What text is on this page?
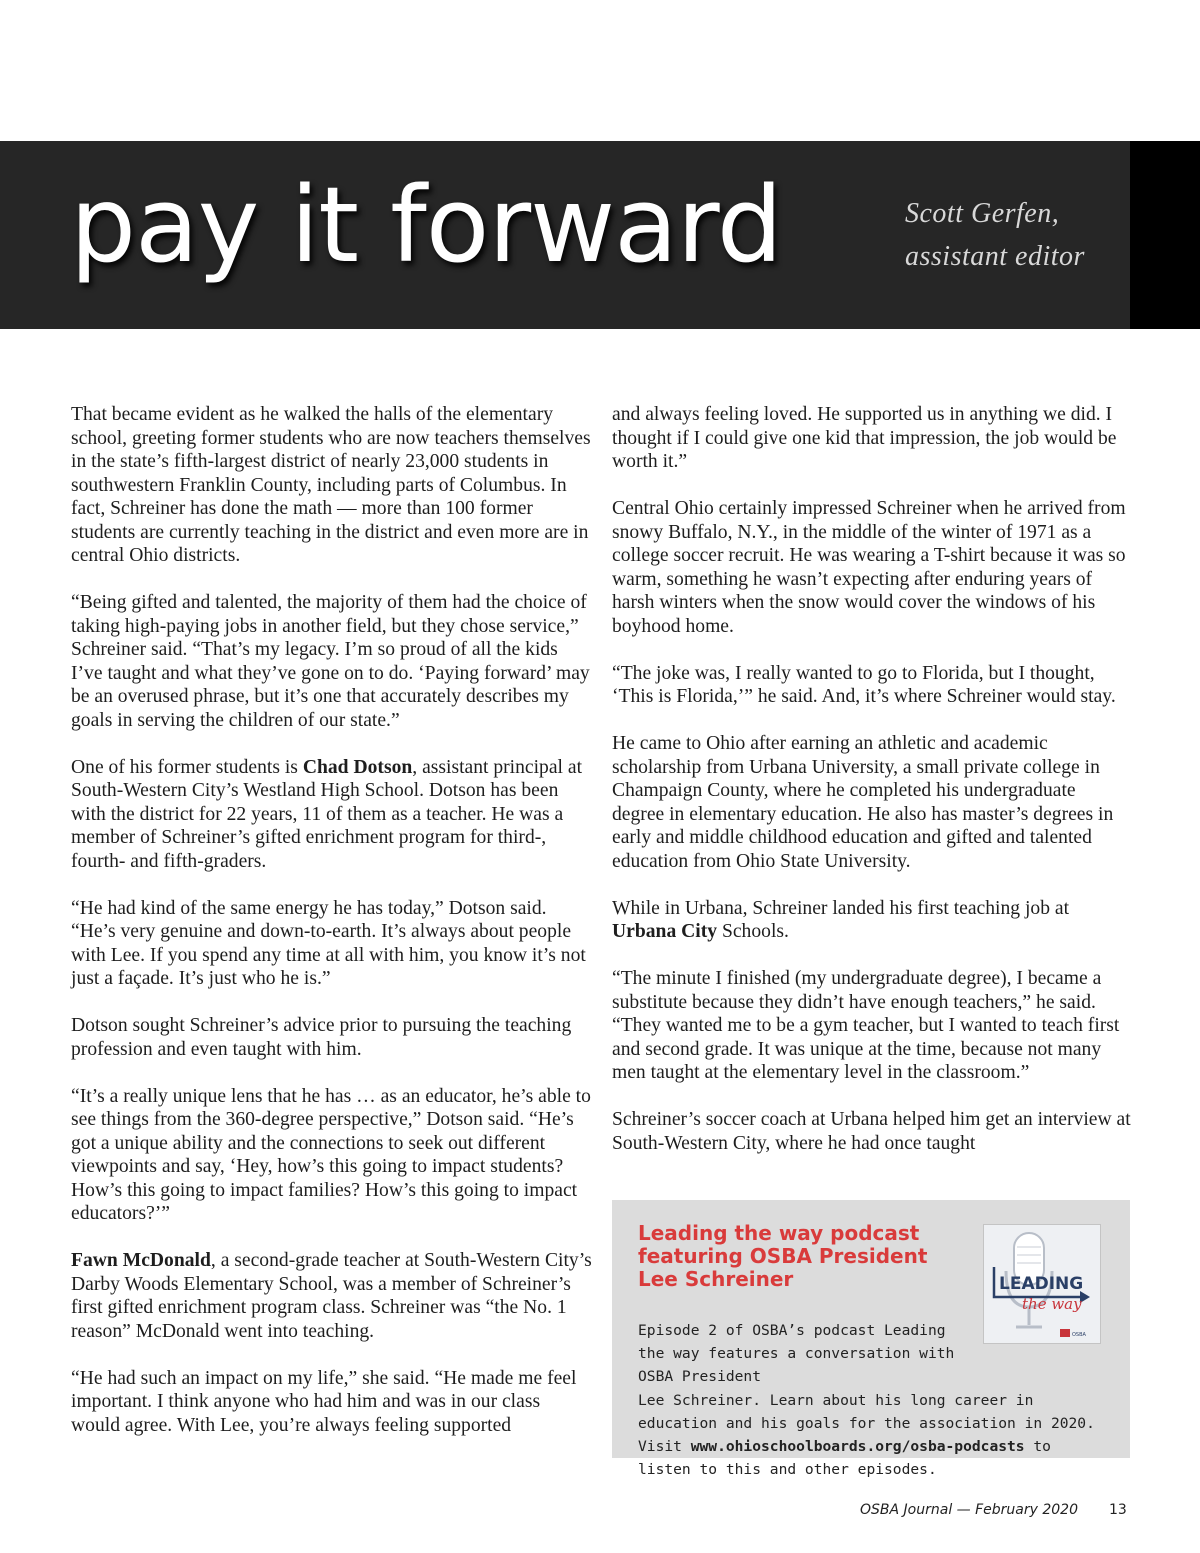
pay it forward	Scott Gerfen,
assistant editor

That became evident as he walked the halls of the elementary school, greeting former students who are now teachers themselves in the state’s fifth-largest district of nearly 23,000 students in southwestern Franklin County, including parts of Columbus. In fact, Schreiner has done the math — more than 100 former students are currently teaching in the district and even more are in central Ohio districts.

“Being gifted and talented, the majority of them had the choice of taking high-paying jobs in another field, but they chose service,” Schreiner said. “That’s my legacy. I’m so proud of all the kids I’ve taught and what they’ve gone on to do. ‘Paying forward’ may be an overused phrase, but it’s one that accurately describes my goals in serving the children of our state.”

One of his former students is Chad Dotson, assistant principal at South-Western City’s Westland High School. Dotson has been with the district for 22 years, 11 of them as a teacher. He was a member of Schreiner’s gifted enrichment program for third-, fourth- and fifth-graders.

“He had kind of the same energy he has today,” Dotson said. “He’s very genuine and down-to-earth. It’s always about people with Lee. If you spend any time at all with him, you know it’s not just a façade. It’s just who he is.”

Dotson sought Schreiner’s advice prior to pursuing the teaching profession and even taught with him.

“It’s a really unique lens that he has … as an educator, he’s able to see things from the 360-degree perspective,” Dotson said. “He’s got a unique ability and the connections to seek out different viewpoints and say, ‘Hey, how’s this going to impact students? How’s this going to impact families? How’s this going to impact educators?’”

Fawn McDonald, a second-grade teacher at South-Western City’s Darby Woods Elementary School, was a member of Schreiner’s first gifted enrichment program class. Schreiner was “the No. 1 reason” McDonald went into teaching.

“He had such an impact on my life,” she said. “He made me feel important. I think anyone who had him and was in our class would agree. With Lee, you’re always feeling supported

and always feeling loved. He supported us in anything we did. I thought if I could give one kid that impression, the job would be worth it.”

Central Ohio certainly impressed Schreiner when he arrived from snowy Buffalo, N.Y., in the middle of the winter of 1971 as a college soccer recruit. He was wearing a T-shirt because it was so warm, something he wasn’t expecting after enduring years of harsh winters when the snow would cover the windows of his boyhood home.

“The joke was, I really wanted to go to Florida, but I thought, ‘This is Florida,’” he said. And, it’s where Schreiner would stay.

He came to Ohio after earning an athletic and academic scholarship from Urbana University, a small private college in Champaign County, where he completed his undergraduate degree in elementary education. He also has master’s degrees in early and middle childhood education and gifted and talented education from Ohio State University.

While in Urbana, Schreiner landed his first teaching job at Urbana City Schools.

“The minute I finished (my undergraduate degree), I became a substitute because they didn’t have enough teachers,” he said. “They wanted me to be a gym teacher, but I wanted to teach first and second grade. It was unique at the time, because not many men taught at the elementary level in the classroom.”

Schreiner’s soccer coach at Urbana helped him get an interview at South-Western City, where he had once taught

Leading the way podcast featuring OSBA President Lee Schreiner	LEADING
the way
OSBA
Episode 2 of OSBA’s podcast Leading the way features a conversation with OSBA President
Lee Schreiner. Learn about his long career in education and his goals for the association in 2020. Visit www.ohioschoolboards.org/osba-podcasts to listen to this and other episodes.
OSBA Journal — February 2020 13
